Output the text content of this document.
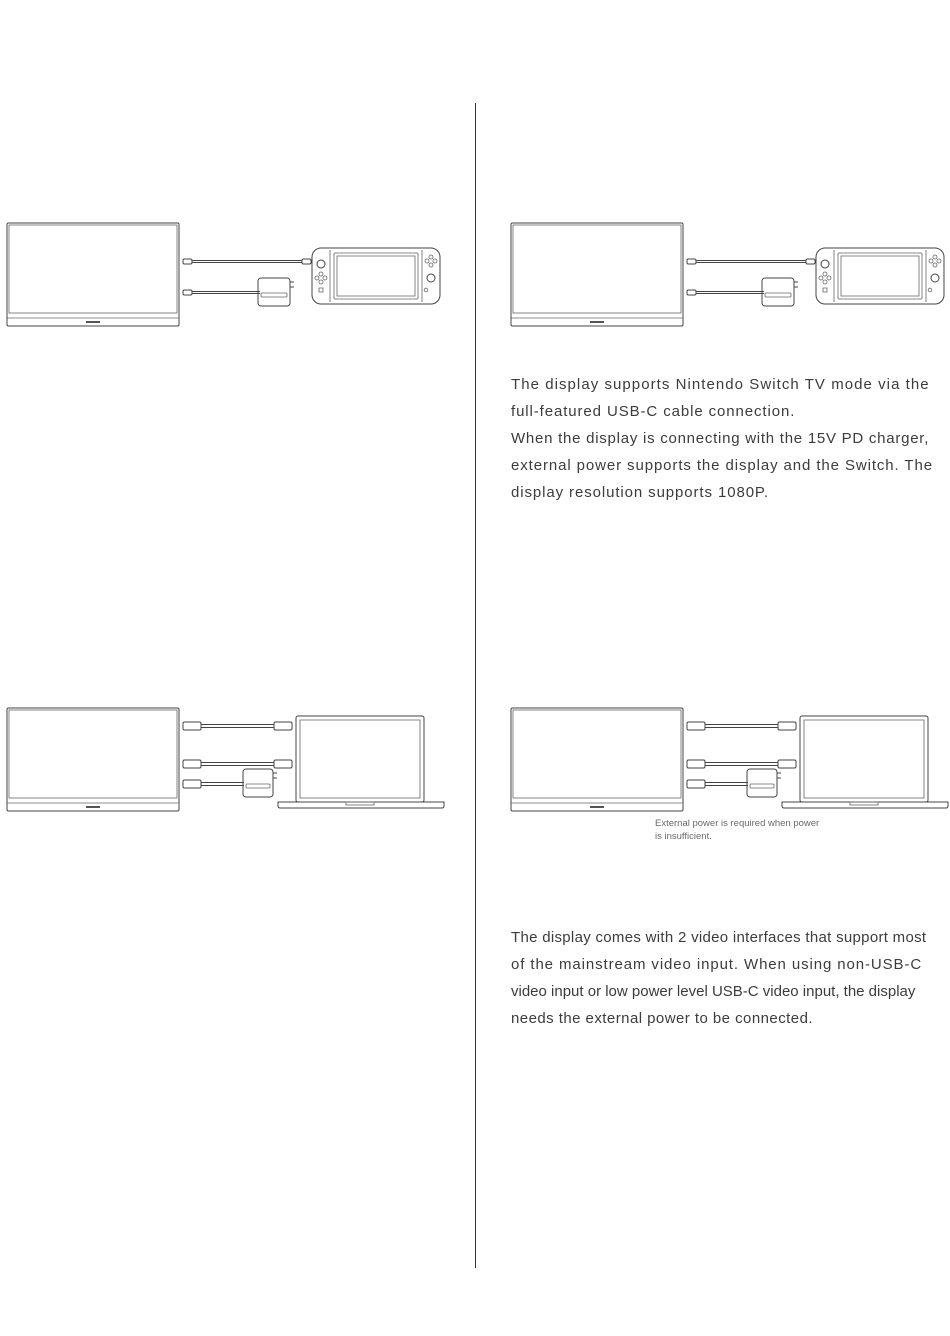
The display supports Nintendo Switch TV mode via the
full-featured USB-C cable connection.
When the display is connecting with the 15V PD charger,
external power supports the display and the Switch. The
display resolution supports 1080P.

External power is required when power
is insufficient.

The display comes with 2 video interfaces that support most
of the mainstream video input. When using non-USB-C
video input or low power level USB-C video input, the display
needs the external power to be connected.
